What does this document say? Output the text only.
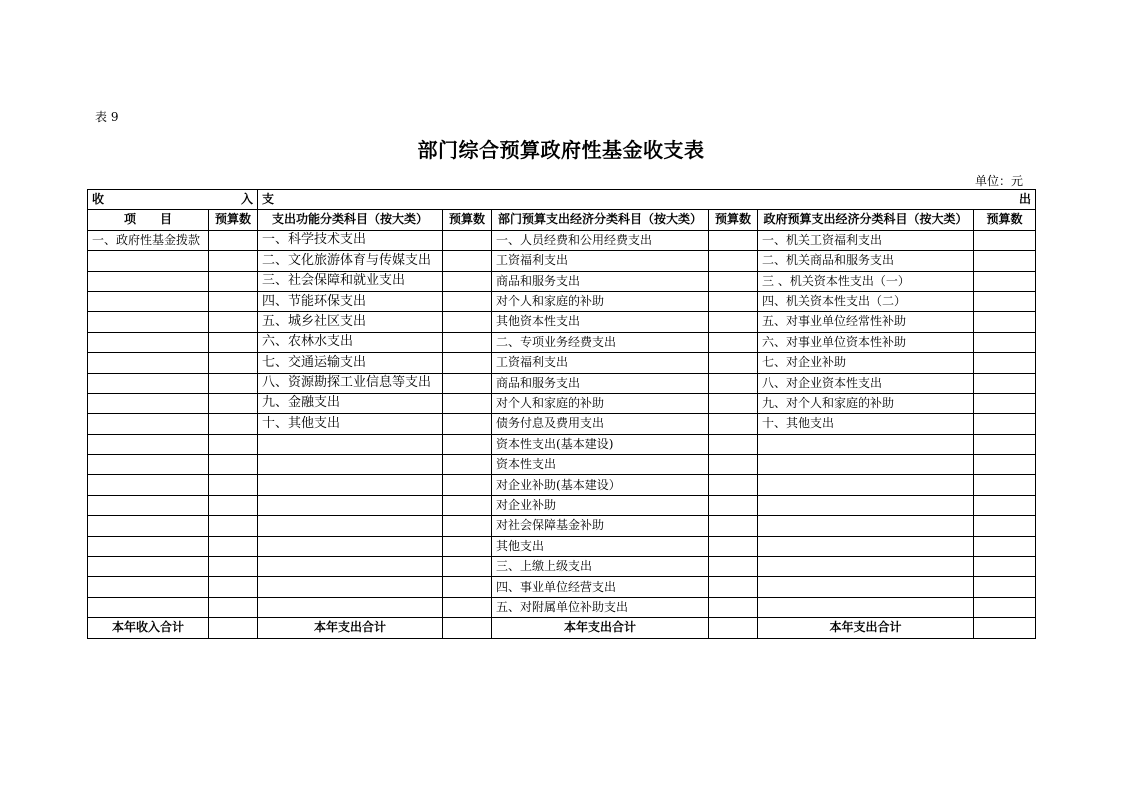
表 9
部门综合预算政府性基金收支表
单位：元
收　　　　　　　　入		支　　　　　　　　出					
项　　目	预算数	支出功能分类科目（按大类）	预算数	部门预算支出经济分类科目（按大类）	预算数	政府预算支出经济分类科目（按大类）	预算数
一、政府性基金拨款		一、科学技术支出		一、人员经费和公用经费支出		一、机关工资福利支出	
		二、文化旅游体育与传媒支出		工资福利支出		二、机关商品和服务支出	
		三、社会保障和就业支出		商品和服务支出		三 、机关资本性支出（一）	
		四、节能环保支出		对个人和家庭的补助		四、机关资本性支出（二）	
		五、城乡社区支出		其他资本性支出		五、对事业单位经常性补助	
		六、农林水支出		二、专项业务经费支出		六、对事业单位资本性补助	
		七、交通运输支出		工资福利支出		七、对企业补助	
		八、资源勘探工业信息等支出		商品和服务支出		八、对企业资本性支出	
		九、金融支出		对个人和家庭的补助		九、对个人和家庭的补助	
		十、其他支出		债务付息及费用支出		十、其他支出	
				资本性支出(基本建设)			
				资本性支出			
				对企业补助(基本建设）			
				对企业补助			
				对社会保障基金补助			
				其他支出			
				三、上缴上级支出			
				四、事业单位经营支出			
				五、对附属单位补助支出			
本年收入合计		本年支出合计		本年支出合计		本年支出合计	
